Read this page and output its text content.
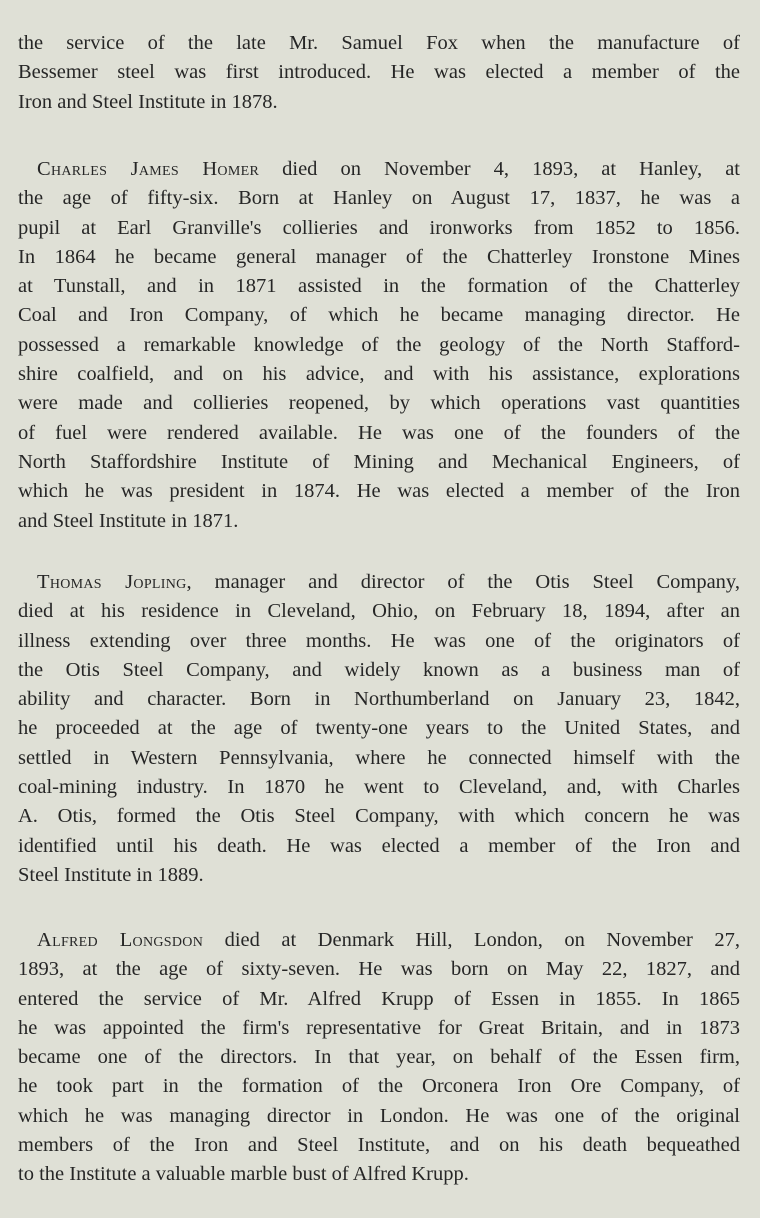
the service of the late Mr. Samuel Fox when the manufacture of
Bessemer steel was first introduced. He was elected a member of the
Iron and Steel Institute in 1878.
Charles James Homer died on November 4, 1893, at Hanley, at
the age of fifty-six. Born at Hanley on August 17, 1837, he was a
pupil at Earl Granville's collieries and ironworks from 1852 to 1856.
In 1864 he became general manager of the Chatterley Ironstone Mines
at Tunstall, and in 1871 assisted in the formation of the Chatterley
Coal and Iron Company, of which he became managing director. He
possessed a remarkable knowledge of the geology of the North Stafford-
shire coalfield, and on his advice, and with his assistance, explorations
were made and collieries reopened, by which operations vast quantities
of fuel were rendered available. He was one of the founders of the
North Staffordshire Institute of Mining and Mechanical Engineers, of
which he was president in 1874. He was elected a member of the Iron
and Steel Institute in 1871.
Thomas Jopling, manager and director of the Otis Steel Company,
died at his residence in Cleveland, Ohio, on February 18, 1894, after an
illness extending over three months. He was one of the originators of
the Otis Steel Company, and widely known as a business man of
ability and character. Born in Northumberland on January 23, 1842,
he proceeded at the age of twenty-one years to the United States, and
settled in Western Pennsylvania, where he connected himself with the
coal-mining industry. In 1870 he went to Cleveland, and, with Charles
A. Otis, formed the Otis Steel Company, with which concern he was
identified until his death. He was elected a member of the Iron and
Steel Institute in 1889.
Alfred Longsdon died at Denmark Hill, London, on November 27,
1893, at the age of sixty-seven. He was born on May 22, 1827, and
entered the service of Mr. Alfred Krupp of Essen in 1855. In 1865
he was appointed the firm's representative for Great Britain, and in 1873
became one of the directors. In that year, on behalf of the Essen firm,
he took part in the formation of the Orconera Iron Ore Company, of
which he was managing director in London. He was one of the original
members of the Iron and Steel Institute, and on his death bequeathed
to the Institute a valuable marble bust of Alfred Krupp.
